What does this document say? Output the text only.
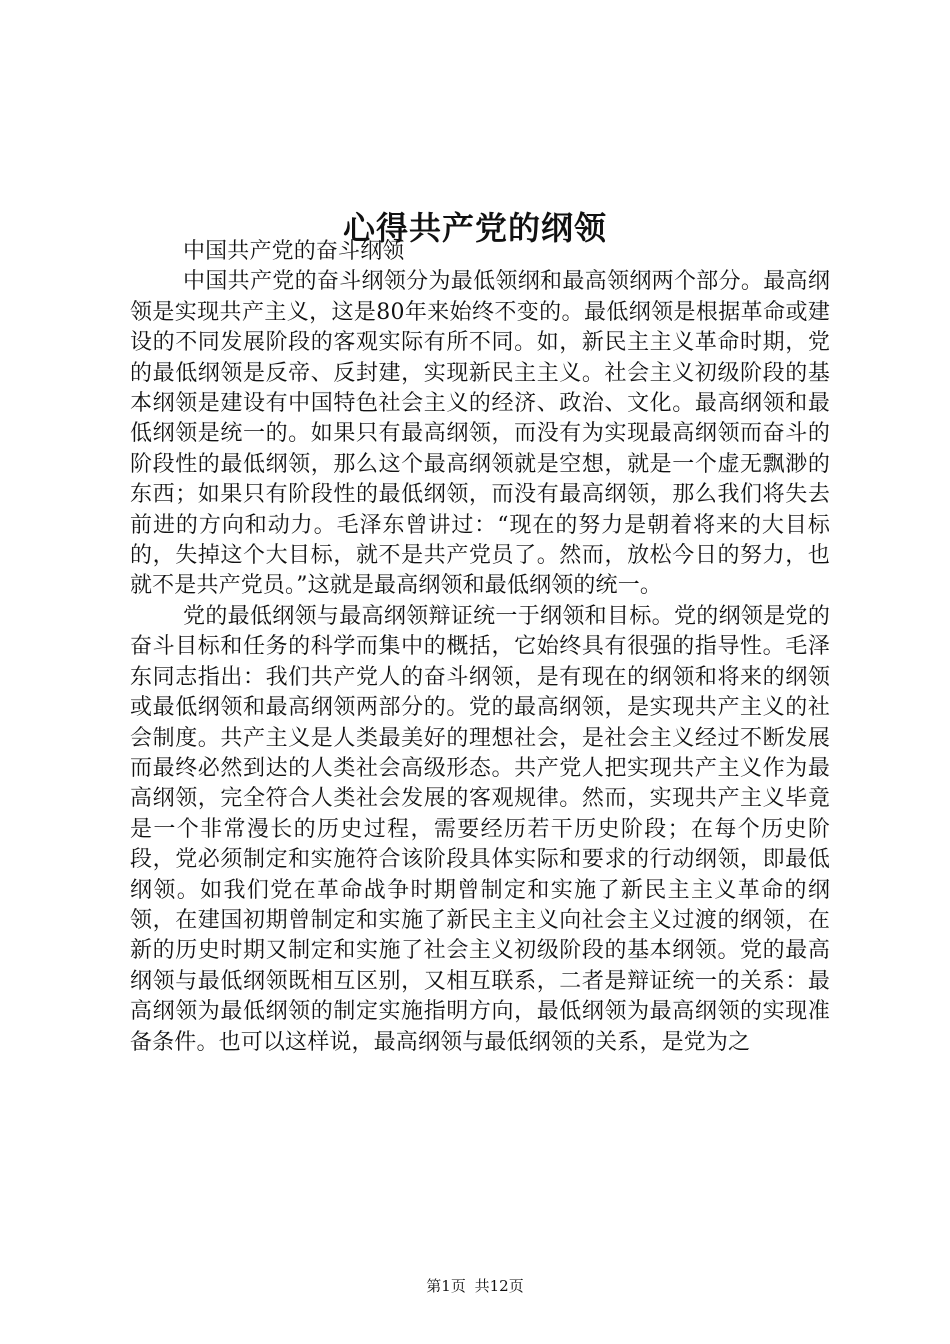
心得共产党的纲领

中国共产党的奋斗纲领

中国共产党的奋斗纲领分为最低领纲和最高领纲两个部分。最高纲领是实现共产主义，这是80年来始终不变的。最低纲领是根据革命或建设的不同发展阶段的客观实际有所不同。如，新民主主义革命时期，党的最低纲领是反帝、反封建，实现新民主主义。社会主义初级阶段的基本纲领是建设有中国特色社会主义的经济、政治、文化。最高纲领和最低纲领是统一的。如果只有最高纲领，而没有为实现最高纲领而奋斗的阶段性的最低纲领，那么这个最高纲领就是空想，就是一个虚无飘渺的东西；如果只有阶段性的最低纲领，而没有最高纲领，那么我们将失去前进的方向和动力。毛泽东曾讲过：“现在的努力是朝着将来的大目标的，失掉这个大目标，就不是共产党员了。然而，放松今日的努力，也就不是共产党员。”这就是最高纲领和最低纲领的统一。

党的最低纲领与最高纲领辩证统一于纲领和目标。党的纲领是党的奋斗目标和任务的科学而集中的概括，它始终具有很强的指导性。毛泽东同志指出：我们共产党人的奋斗纲领，是有现在的纲领和将来的纲领或最低纲领和最高纲领两部分的。党的最高纲领，是实现共产主义的社会制度。共产主义是人类最美好的理想社会，是社会主义经过不断发展而最终必然到达的人类社会高级形态。共产党人把实现共产主义作为最高纲领，完全符合人类社会发展的客观规律。然而，实现共产主义毕竟是一个非常漫长的历史过程，需要经历若干历史阶段；在每个历史阶段，党必须制定和实施符合该阶段具体实际和要求的行动纲领，即最低纲领。如我们党在革命战争时期曾制定和实施了新民主主义革命的纲领，在建国初期曾制定和实施了新民主主义向社会主义过渡的纲领，在新的历史时期又制定和实施了社会主义初级阶段的基本纲领。党的最高纲领与最低纲领既相互区别，又相互联系，二者是辩证统一的关系：最高纲领为最低纲领的制定实施指明方向，最低纲领为最高纲领的实现准备条件。也可以这样说，最高纲领与最低纲领的关系，是党为之

第1页 共12页
